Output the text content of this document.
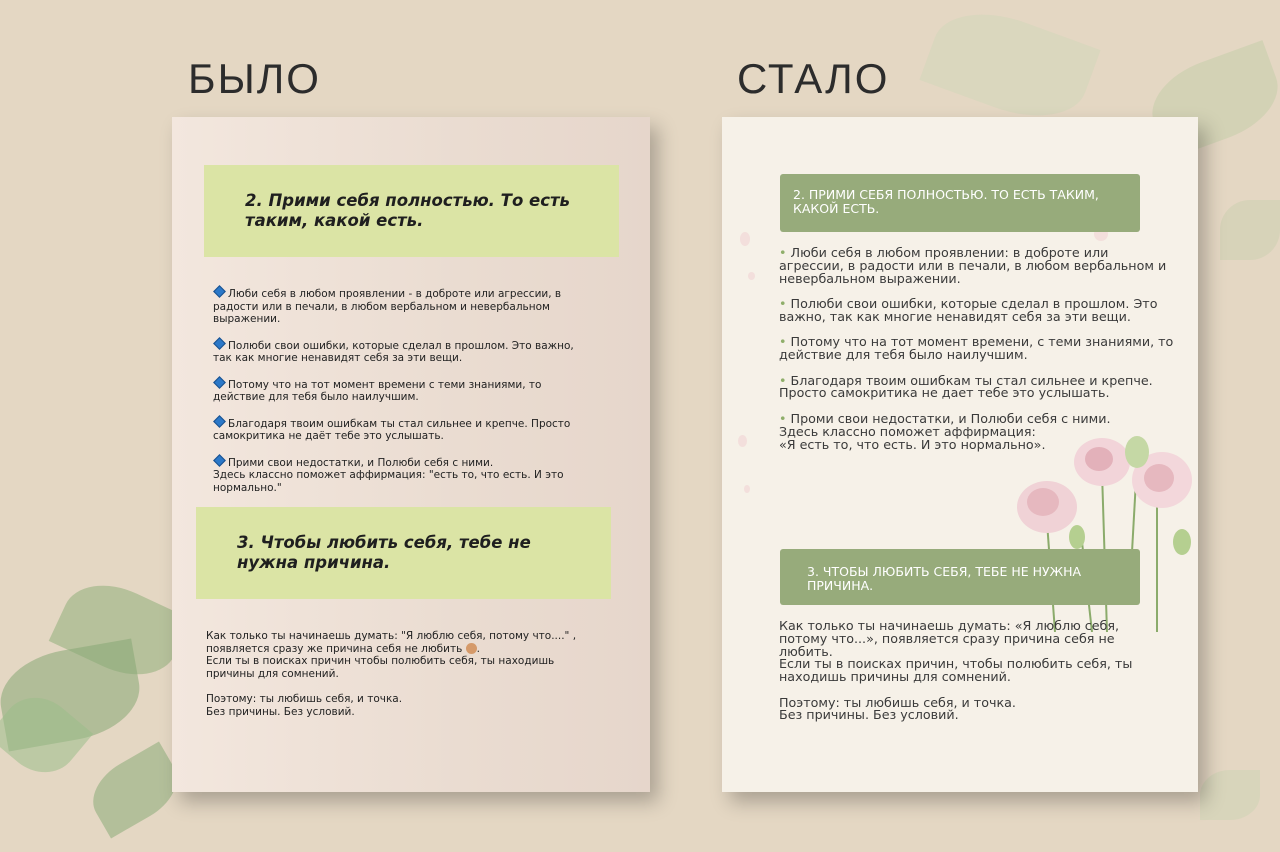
БЫЛО	СТАЛО
2. Прими себя полностью. То есть таким, какой есть.

Люби себя в любом проявлении - в доброте или агрессии, в радости или в печали, в любом вербальном и невербальном выражении.

Полюби свои ошибки, которые сделал в прошлом. Это важно, так как многие ненавидят себя за эти вещи.

Потому что на тот момент времени с теми знаниями, то действие для тебя было наилучшим.

Благодаря твоим ошибкам ты стал сильнее и крепче. Просто самокритика не даёт тебе это услышать.

Прими свои недостатки, и Полюби себя с ними.

Здесь классно поможет аффирмация: "есть то, что есть. И это нормально."

3. Чтобы любить себя, тебе не нужна причина.

Как только ты начинаешь думать: "Я люблю себя, потому что...." ,

появляется сразу же причина себя не любить .

Если ты в поисках причин чтобы полюбить себя, ты находишь причины для сомнений.

Поэтому: ты любишь себя, и точка.

Без причины. Без условий.

2. ПРИМИ СЕБЯ ПОЛНОСТЬЮ. ТО ЕСТЬ ТАКИМ, КАКОЙ ЕСТЬ.

• Люби себя в любом проявлении: в доброте или агрессии, в радости или в печали, в любом вербальном и невербальном выражении.

• Полюби свои ошибки, которые сделал в прошлом. Это важно, так как многие ненавидят себя за эти вещи.

• Потому что на тот момент времени, с теми знаниями, то действие для тебя было наилучшим.

• Благодаря твоим ошибкам ты стал сильнее и крепче. Просто самокритика не дает тебе это услышать.

• Проми свои недостатки, и Полюби себя с ними.

Здесь классно поможет аффирмация:

«Я есть то, что есть. И это нормально».

3. ЧТОБЫ ЛЮБИТЬ СЕБЯ, ТЕБЕ НЕ НУЖНА ПРИЧИНА.

Как только ты начинаешь думать: «Я люблю себя, потому что...», появляется сразу причина себя не любить.

Если ты в поисках причин, чтобы полюбить себя, ты находишь причины для сомнений.

Поэтому: ты любишь себя, и точка.

Без причины. Без условий.
